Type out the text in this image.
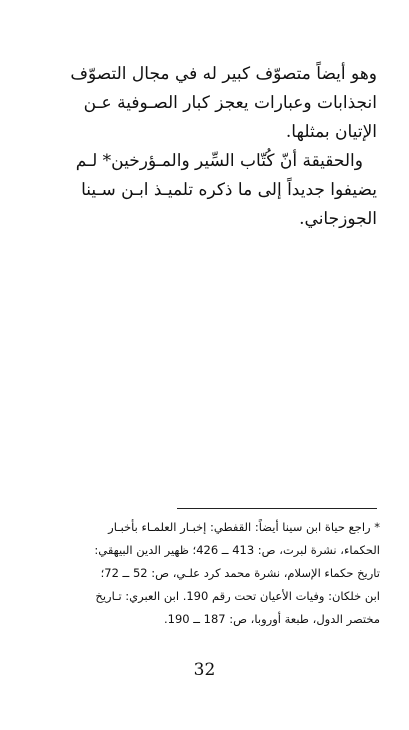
وهو أيضاً متصوّف كبير له في مجال التصوّف
انجذابات وعبارات يعجز كبار الصـوفية عـن
الإتيان بمثلها.

والحقيقة أنّ كُتّاب السِّير والمـؤرخين* لـم
يضيفوا جديداً إلى ما ذكره تلميـذ ابـن سـينا
الجوزجاني.

* راجع حياة ابن سينا أيضاً: القفطي: إخبـار العلمـاء بأخبـار
الحكماء، نشرة لبرت، ص: 413 ــ 426؛ ظهير الدين البيهقي:
تاريخ حكماء الإسلام، نشرة محمد كرد علـي، ص: 52 ــ 72؛
ابن خلكان: وفيات الأعيان تحت رقم 190. ابن العبري: تـاريخ
مختصر الدول، طبعة أوروبا، ص: 187 ــ 190.
32
